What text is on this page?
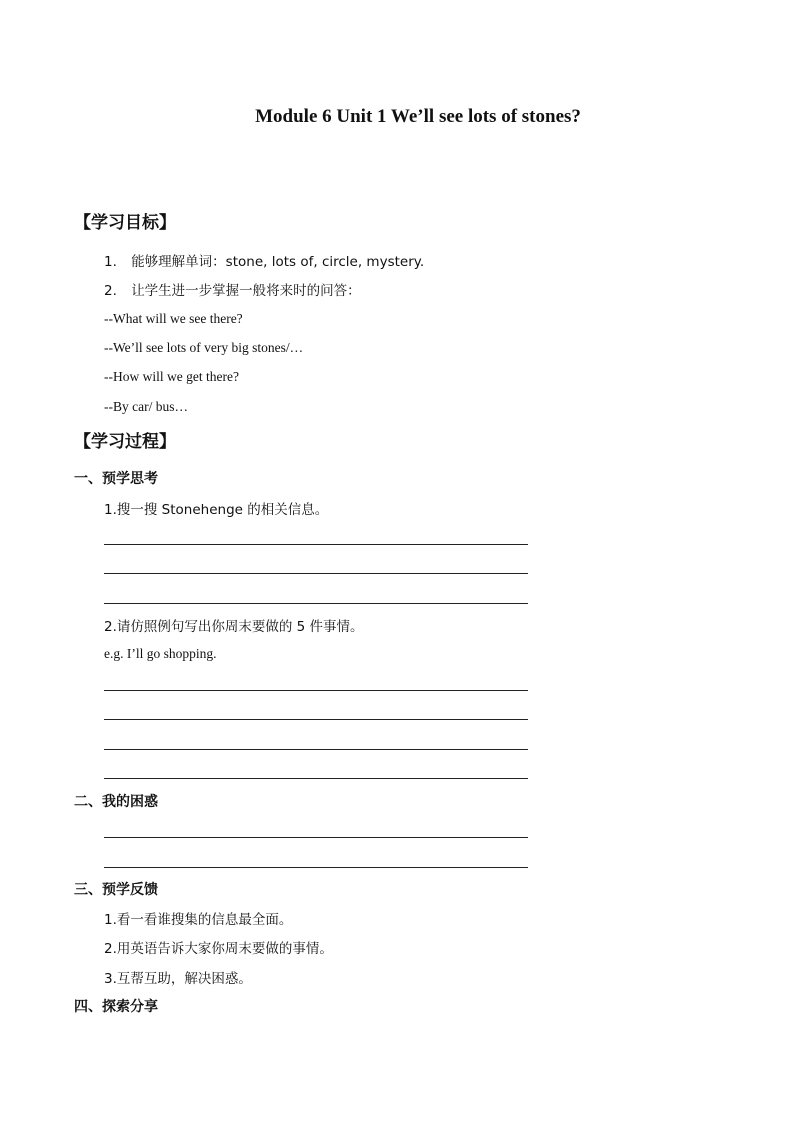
Module 6 Unit 1 We’ll see lots of stones?
【学习目标】
1. 能够理解单词：stone, lots of, circle, mystery.
2. 让学生进一步掌握一般将来时的问答：
--What will we see there?
--We’ll see lots of very big stones/…
--How will we get there?
--By car/ bus…
【学习过程】
一、预学思考
1.搜一搜 Stonehenge 的相关信息。
2.请仿照例句写出你周末要做的 5 件事情。
e.g. I’ll go shopping.
二、我的困惑
三、预学反馈
1.看一看谁搜集的信息最全面。
2.用英语告诉大家你周末要做的事情。
3.互帮互助，解决困惑。
四、探索分享
